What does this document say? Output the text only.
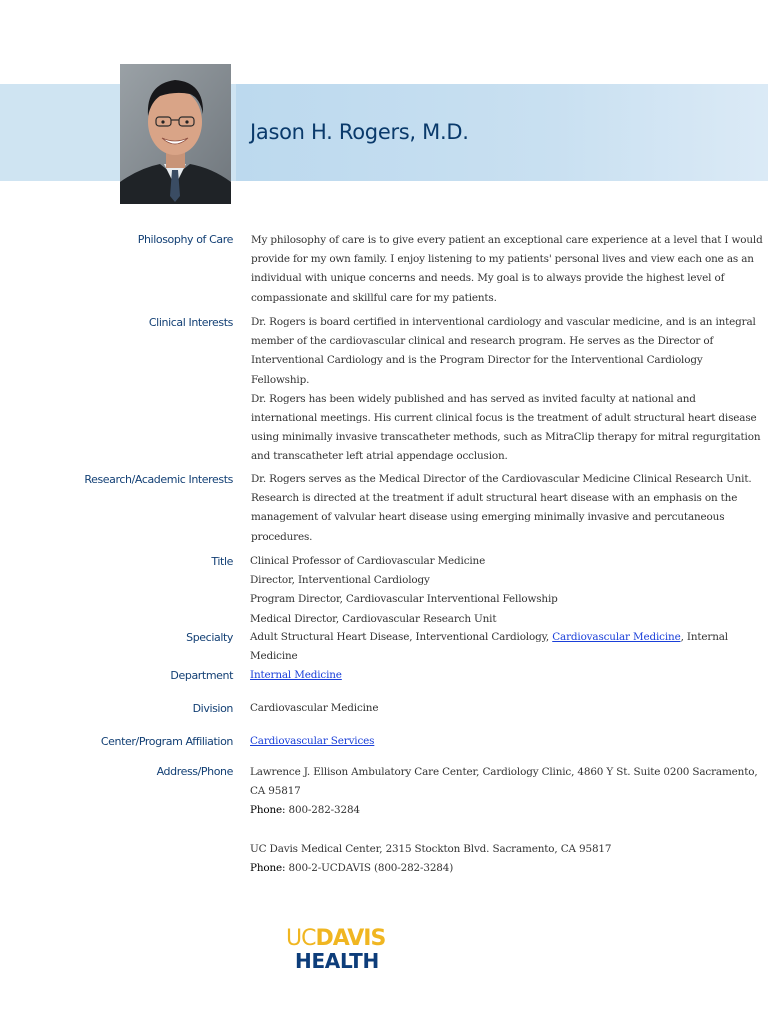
Jason H. Rogers, M.D.
Philosophy of Care My philosophy of care is to give every patient an exceptional care experience at a level that I would
provide for my own family. I enjoy listening to my patients' personal lives and view each one as an
individual with unique concerns and needs. My goal is to always provide the highest level of
compassionate and skillful care for my patients.
Clinical Interests Dr. Rogers is board certified in interventional cardiology and vascular medicine, and is an integral
member of the cardiovascular clinical and research program. He serves as the Director of
Interventional Cardiology and is the Program Director for the Interventional Cardiology
Fellowship.
Dr. Rogers has been widely published and has served as invited faculty at national and
international meetings. His current clinical focus is the treatment of adult structural heart disease
using minimally invasive transcatheter methods, such as MitraClip therapy for mitral regurgitation
and transcatheter left atrial appendage occlusion.
Research/Academic Interests Dr. Rogers serves as the Medical Director of the Cardiovascular Medicine Clinical Research Unit.
Research is directed at the treatment if adult structural heart disease with an emphasis on the
management of valvular heart disease using emerging minimally invasive and percutaneous
procedures.
Title Clinical Professor of Cardiovascular Medicine
Director, Interventional Cardiology
Program Director, Cardiovascular Interventional Fellowship
Medical Director, Cardiovascular Research Unit
Specialty Adult Structural Heart Disease, Interventional Cardiology, Cardiovascular Medicine, Internal
Medicine
Department Internal Medicine
Division Cardiovascular Medicine
Center/Program Affiliation Cardiovascular Services
Address/Phone Lawrence J. Ellison Ambulatory Care Center, Cardiology Clinic, 4860 Y St. Suite 0200 Sacramento,
CA 95817
Phone: 800-282-3284
UC Davis Medical Center, 2315 Stockton Blvd. Sacramento, CA 95817
Phone: 800-2-UCDAVIS (800-282-3284)
UCDAVIS
HEALTH
